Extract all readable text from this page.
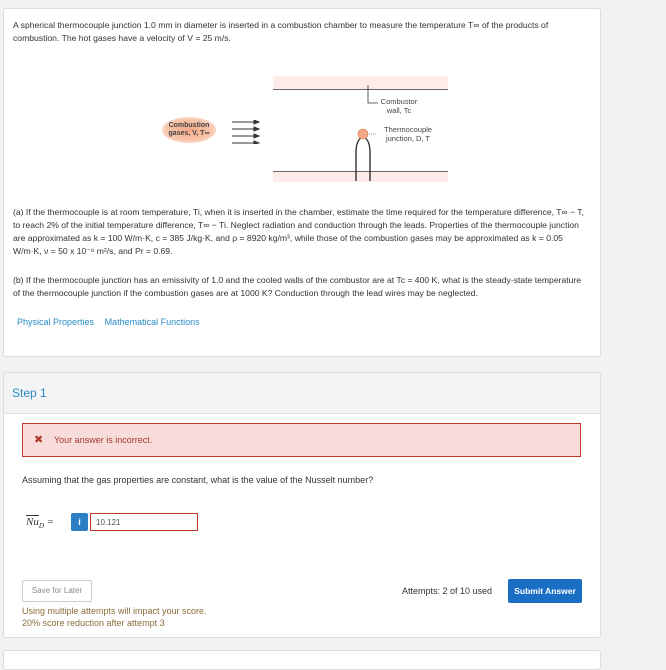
A spherical thermocouple junction 1.0 mm in diameter is inserted in a combustion chamber to measure the temperature T∞ of the products of combustion. The hot gases have a velocity of V = 25 m/s.
Combustion
gases, V, T∞
Combustor
wall, Tc
Thermocouple
junction, D, T
(a) If the thermocouple is at room temperature, Ti, when it is inserted in the chamber, estimate the time required for the temperature difference, T∞ − T, to reach 2% of the initial temperature difference, T∞ − Ti. Neglect radiation and conduction through the leads. Properties of the thermocouple junction are approximated as k = 100 W/m·K, c = 385 J/kg·K, and ρ = 8920 kg/m³, while those of the combustion gases may be approximated as k = 0.05 W/m·K, ν = 50 x 10⁻⁶ m²/s, and Pr = 0.69.
(b) If the thermocouple junction has an emissivity of 1.0 and the cooled walls of the combustor are at Tc = 400 K, what is the steady-state temperature of the thermocouple junction if the combustion gases are at 1000 K? Conduction through the lead wires may be neglected.
Physical Properties Mathematical Functions
Step 1
✖ Your answer is incorrect.
Assuming that the gas properties are constant, what is the value of the Nusselt number?
$\overline{Nu}_D$ =	i
10.121
Save for Later
Using multiple attempts will impact your score.
20% score reduction after attempt 3
Attempts: 2 of 10 used	Submit Answer
